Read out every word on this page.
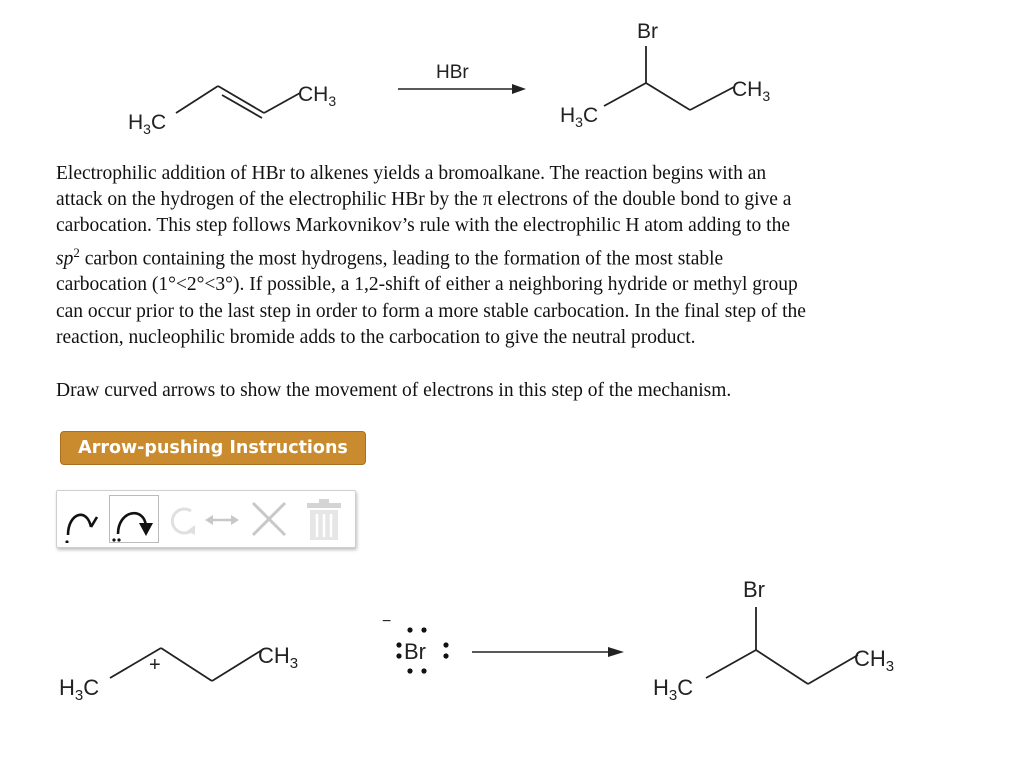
$H_3C$
$CH_3$
HBr
Br
$H_3C$
$CH_3$

Electrophilic addition of HBr to alkenes yields a bromoalkane. The reaction begins with an
attack on the hydrogen of the electrophilic HBr by the π electrons of the double bond to give a
carbocation. This step follows Markovnikov’s rule with the electrophilic H atom adding to the
$sp^2$ carbon containing the most hydrogens, leading to the formation of the most stable
carbocation (1°<2°<3°). If possible, a 1,2-shift of either a neighboring hydride or methyl group
can occur prior to the last step in order to form a more stable carbocation. In the final step of the
reaction, nucleophilic bromide adds to the carbocation to give the neutral product.

Draw curved arrows to show the movement of electrons in this step of the mechanism.
Arrow-pushing Instructions
$H_3C$
+	$CH_3$
−
Br
Br
$H_3C$
$CH_3$
